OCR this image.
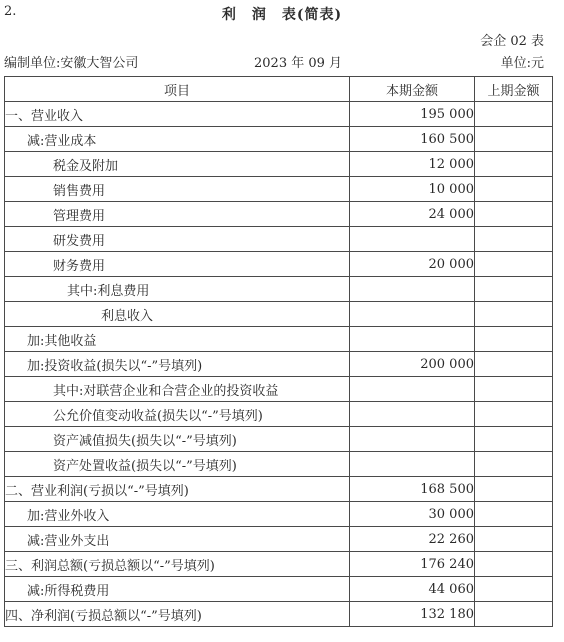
2.	利　润　表(简表)
会企 02 表
编制单位:安徽大智公司	2023 年 09 月	单位:元
项目	本期金额	上期金额
一、营业收入	195 000	
减:营业成本	160 500	
税金及附加	12 000	
销售费用	10 000	
管理费用	24 000	
研发费用		
财务费用	20 000	
其中:利息费用		
利息收入		
加:其他收益		
加:投资收益(损失以“-”号填列)	200 000	
其中:对联营企业和合营企业的投资收益		
公允价值变动收益(损失以“-”号填列)		
资产减值损失(损失以“-”号填列)		
资产处置收益(损失以“-”号填列)		
二、营业利润(亏损以“-”号填列)	168 500	
加:营业外收入	30 000	
减:营业外支出	22 260	
三、利润总额(亏损总额以“-”号填列)	176 240	
减:所得税费用	44 060	
四、净利润(亏损总额以“-”号填列)	132 180	
